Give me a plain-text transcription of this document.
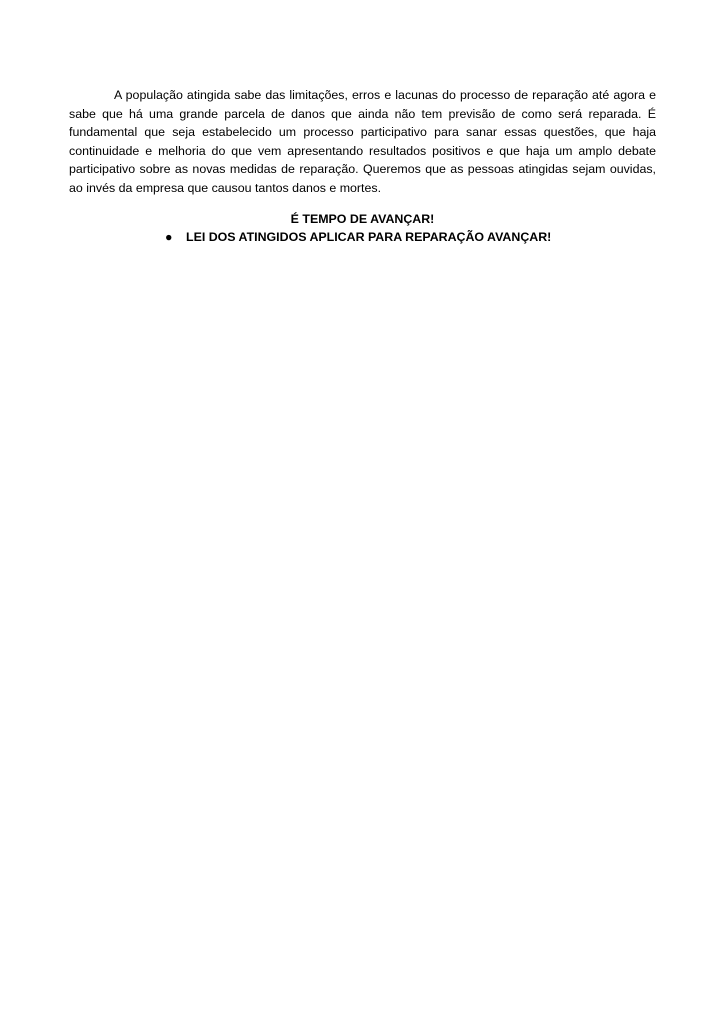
A população atingida sabe das limitações, erros e lacunas do processo de reparação até agora e sabe que há uma grande parcela de danos que ainda não tem previsão de como será reparada. É fundamental que seja estabelecido um processo participativo para sanar essas questões, que haja continuidade e melhoria do que vem apresentando resultados positivos e que haja um amplo debate participativo sobre as novas medidas de reparação. Queremos que as pessoas atingidas sejam ouvidas, ao invés da empresa que causou tantos danos e mortes.

É TEMPO DE AVANÇAR!

● LEI DOS ATINGIDOS APLICAR PARA REPARAÇÃO AVANÇAR!
